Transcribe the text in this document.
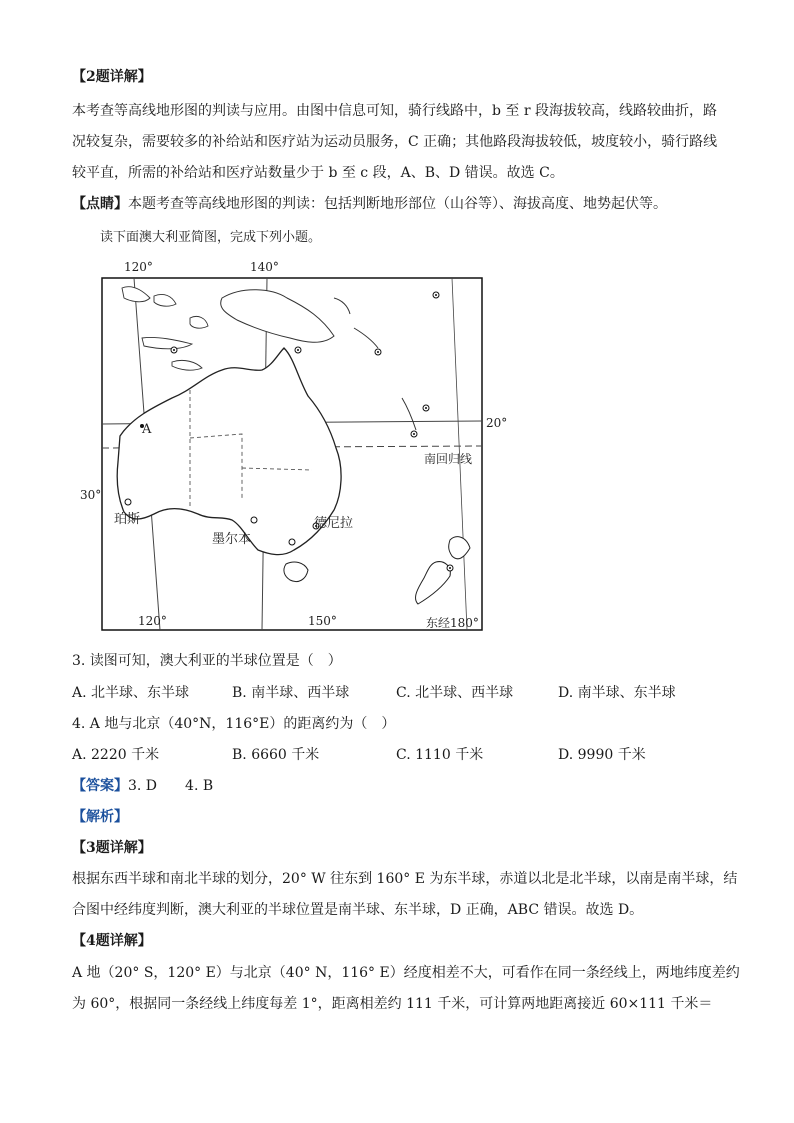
【2题详解】
本考查等高线地形图的判读与应用。由图中信息可知，骑行线路中，b 至 r 段海拔较高，线路较曲折，路
况较复杂，需要较多的补给站和医疗站为运动员服务，C 正确；其他路段海拔较低，坡度较小，骑行路线
较平直，所需的补给站和医疗站数量少于 b 至 c 段，A、B、D 错误。故选 C。
【点睛】本题考查等高线地形图的判读：包括判断地形部位（山谷等）、海拔高度、地势起伏等。
读下面澳大利亚简图，完成下列小题。
120°	140°
20°
30°
南回归线
A
珀斯
墨尔本
德尼拉
120°	150°	东经180°
3. 读图可知，澳大利亚的半球位置是（　）
A. 北半球、东半球	B. 南半球、西半球	C. 北半球、西半球	D. 南半球、东半球
4. A 地与北京（40°N，116°E）的距离约为（　）
A. 2220 千米	B. 6660 千米	C. 1110 千米	D. 9990 千米
【答案】3. D　　4. B
【解析】
【3题详解】
根据东西半球和南北半球的划分，20° W 往东到 160° E 为东半球，赤道以北是北半球，以南是南半球，结
合图中经纬度判断，澳大利亚的半球位置是南半球、东半球，D 正确，ABC 错误。故选 D。
【4题详解】
A 地（20° S，120° E）与北京（40° N，116° E）经度相差不大，可看作在同一条经线上，两地纬度差约
为 60°，根据同一条经线上纬度每差 1°，距离相差约 111 千米，可计算两地距离接近 60×111 千米＝
